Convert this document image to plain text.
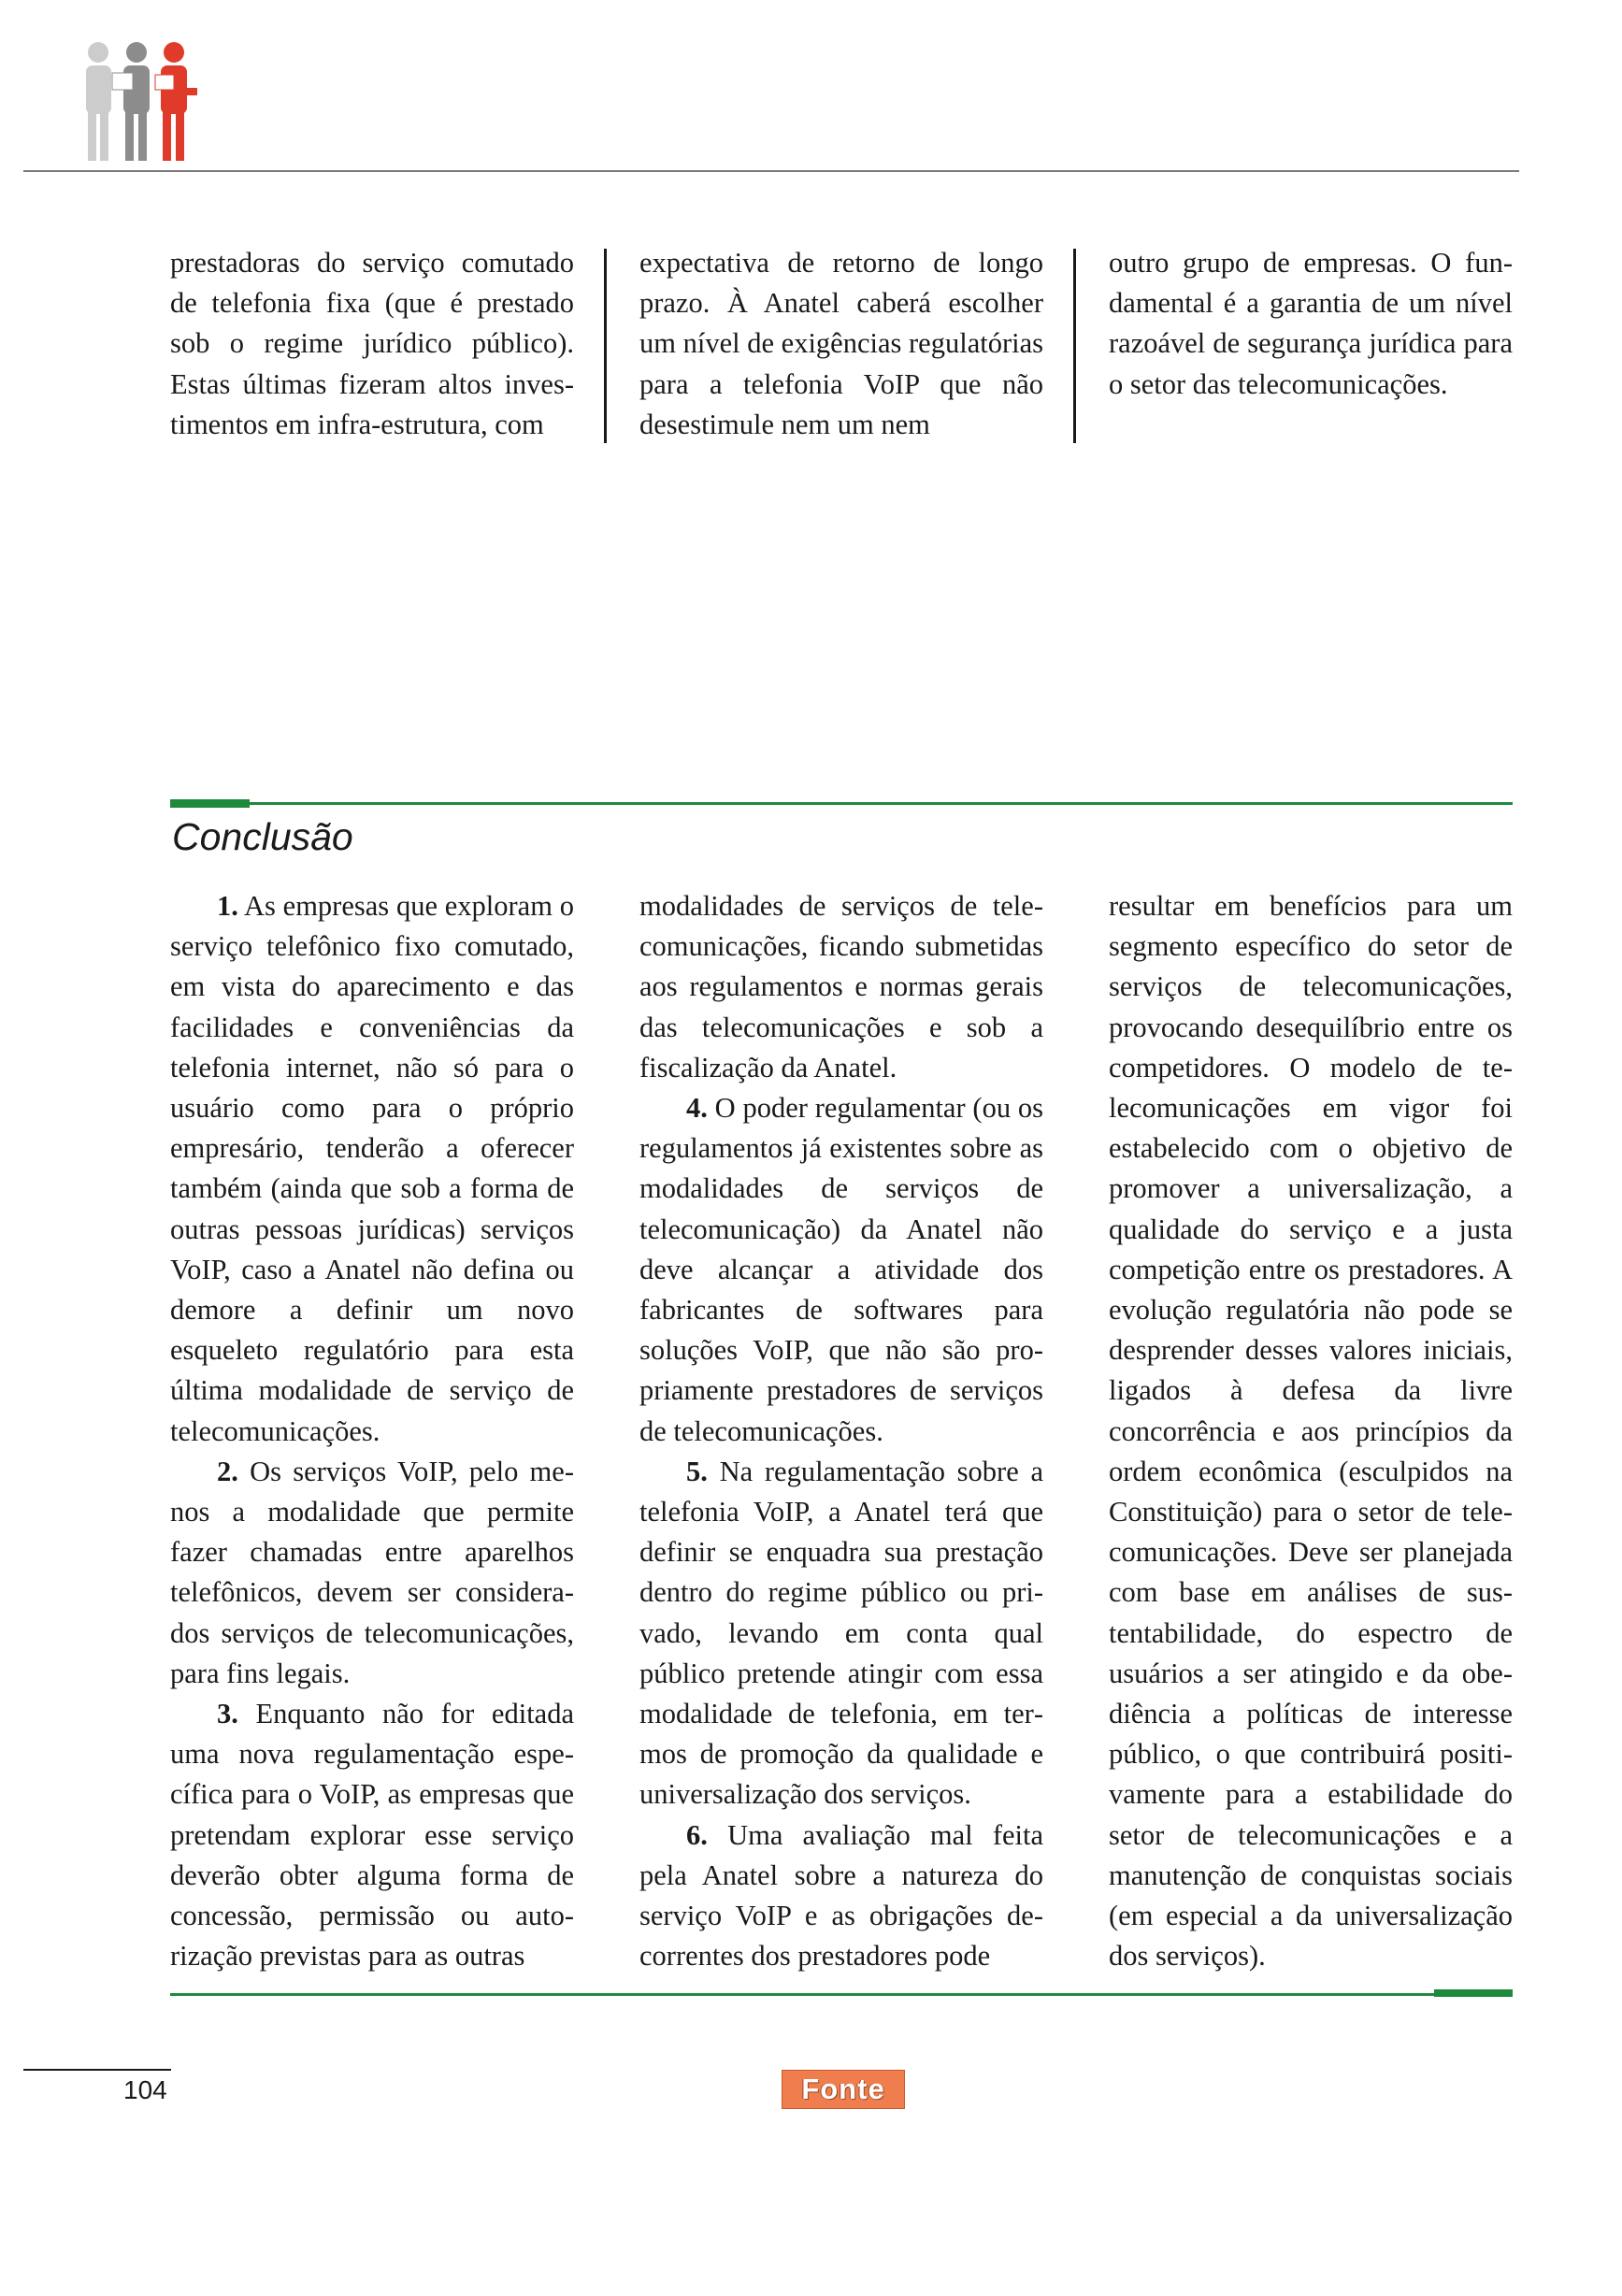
prestadoras do serviço comutado de telefonia fixa (que é prestado sob o regime jurídico público). Estas últimas fizeram altos investimentos em infra-estrutura, com

expectativa de retorno de longo prazo. À Anatel caberá escolher um nível de exigências regulatórias para a telefonia VoIP que não desestimule nem um nem

outro grupo de empresas. O fundamental é a garantia de um nível razoável de segurança jurídica para o setor das telecomunicações.

Conclusão

1. As empresas que exploram o serviço telefônico fixo comutado, em vista do aparecimento e das facilidades e conveniências da telefonia internet, não só para o usuário como para o próprio empresário, tenderão a oferecer também (ainda que sob a forma de outras pessoas jurídicas) serviços VoIP, caso a Anatel não defina ou demore a definir um novo esqueleto regulatório para esta última modalidade de serviço de telecomunicações.

2. Os serviços VoIP, pelo menos a modalidade que permite fazer chamadas entre aparelhos telefônicos, devem ser considerados serviços de telecomunicações, para fins legais.

3. Enquanto não for editada uma nova regulamentação específica para o VoIP, as empresas que pretendam explorar esse serviço deverão obter alguma forma de concessão, permissão ou autorização previstas para as outras

modalidades de serviços de telecomunicações, ficando submetidas aos regulamentos e normas gerais das telecomunicações e sob a fiscalização da Anatel.

4. O poder regulamentar (ou os regulamentos já existentes sobre as modalidades de serviços de telecomunicação) da Anatel não deve alcançar a atividade dos fabricantes de softwares para soluções VoIP, que não são propriamente prestadores de serviços de telecomunicações.

5. Na regulamentação sobre a telefonia VoIP, a Anatel terá que definir se enquadra sua prestação dentro do regime público ou privado, levando em conta qual público pretende atingir com essa modalidade de telefonia, em termos de promoção da qualidade e universalização dos serviços.

6. Uma avaliação mal feita pela Anatel sobre a natureza do serviço VoIP e as obrigações decorrentes dos prestadores pode

resultar em benefícios para um segmento específico do setor de serviços de telecomunicações, provocando desequilíbrio entre os competidores. O modelo de telecomunicações em vigor foi estabelecido com o objetivo de promover a universalização, a qualidade do serviço e a justa competição entre os prestadores. A evolução regulatória não pode se desprender desses valores iniciais, ligados à defesa da livre concorrência e aos princípios da ordem econômica (esculpidos na Constituição) para o setor de telecomunicações. Deve ser planejada com base em análises de sustentabilidade, do espectro de usuários a ser atingido e da obediência a políticas de interesse público, o que contribuirá positivamente para a estabilidade do setor de telecomunicações e a manutenção de conquistas sociais (em especial a da universalização dos serviços).

104	Fonte
